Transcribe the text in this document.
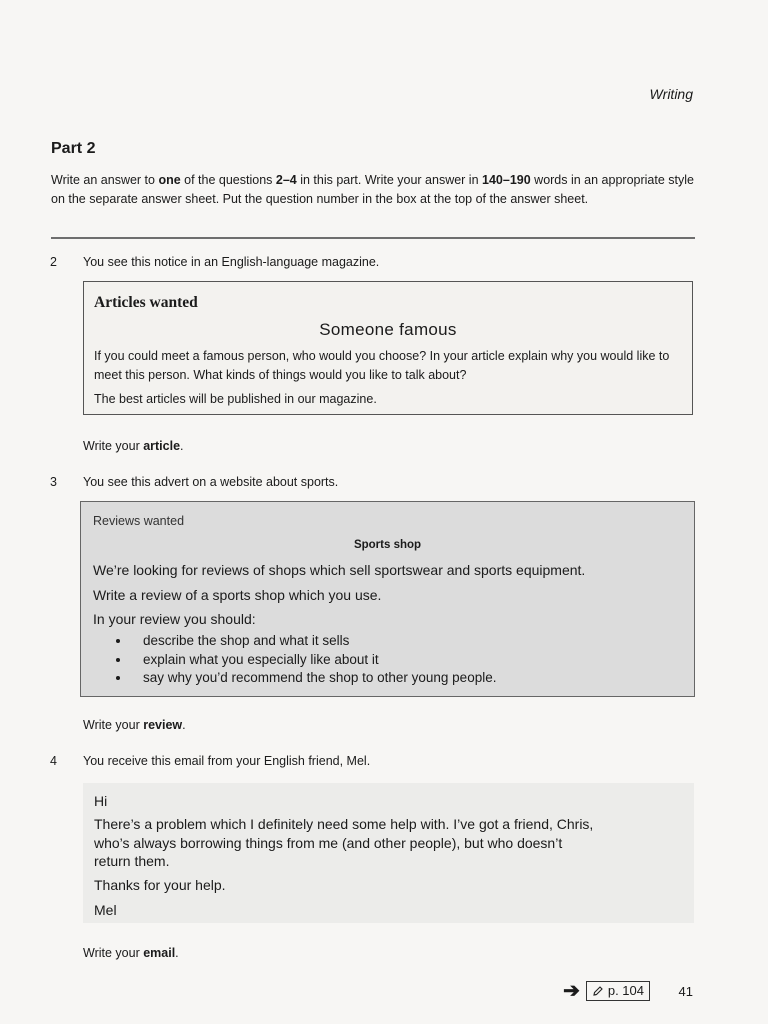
Writing
Part 2
Write an answer to one of the questions 2–4 in this part. Write your answer in 140–190 words in an appropriate style on the separate answer sheet. Put the question number in the box at the top of the answer sheet.
2 You see this notice in an English-language magazine.
Articles wanted
Someone famous
If you could meet a famous person, who would you choose? In your article explain why you would like to meet this person. What kinds of things would you like to talk about?
The best articles will be published in our magazine.
Write your article.
3 You see this advert on a website about sports.
Reviews wanted
Sports shop
We’re looking for reviews of shops which sell sportswear and sports equipment.
Write a review of a sports shop which you use.
In your review you should:
• describe the shop and what it sells
• explain what you especially like about it
• say why you’d recommend the shop to other young people.
Write your review.
4 You receive this email from your English friend, Mel.
Hi
There’s a problem which I definitely need some help with. I’ve got a friend, Chris,
who’s always borrowing things from me (and other people), but who doesn’t
return them.
Thanks for your help.
Mel
Write your email.
➔ p. 104	41
